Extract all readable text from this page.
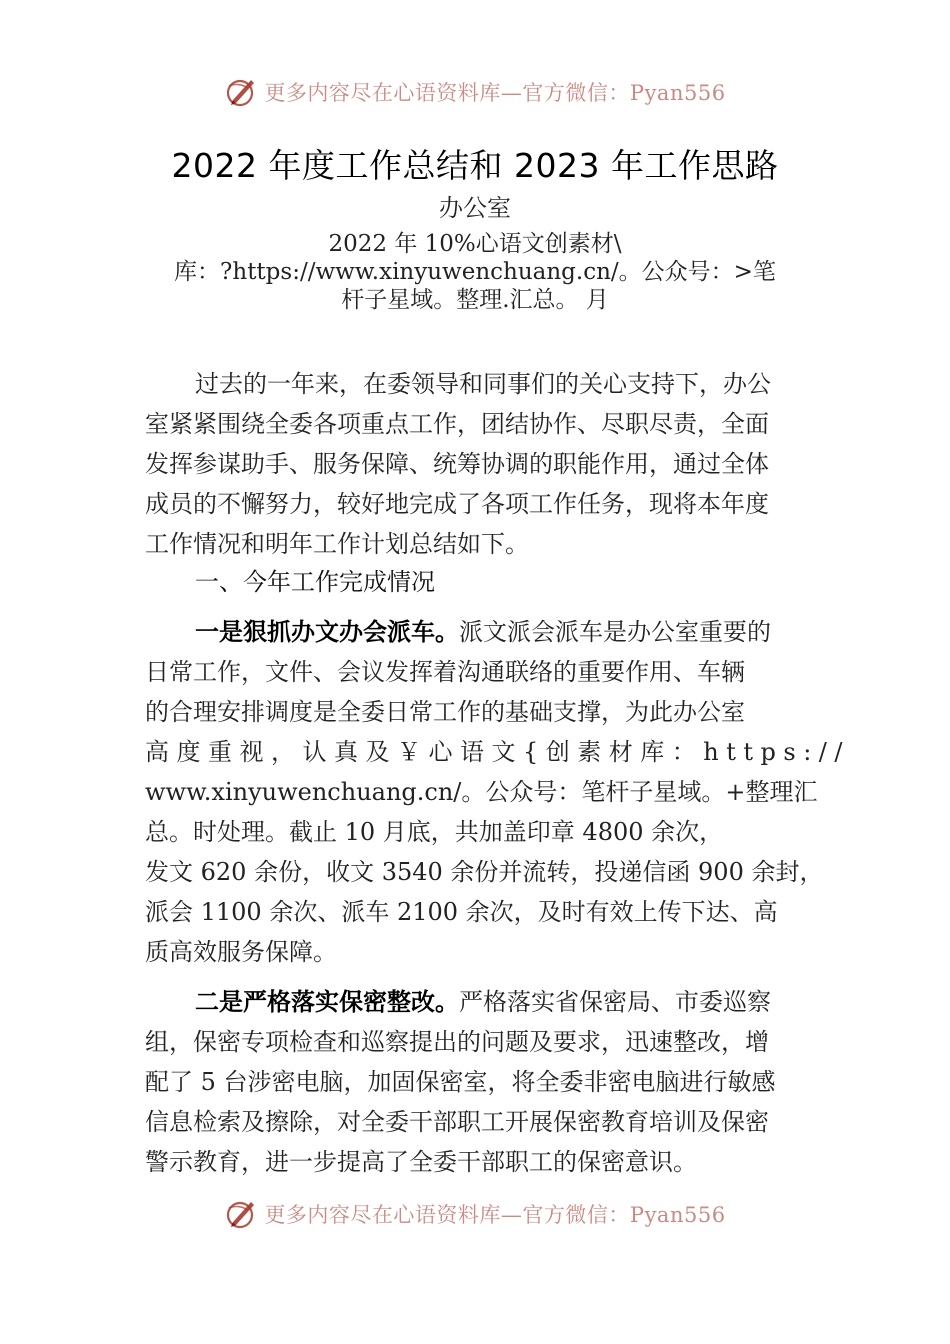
更多内容尽在心语资料库—官方微信：Pyan556
2022 年度工作总结和 2023 年工作思路
办公室
2022 年 10%心语文创素材\
库：?https://www.xinyuwenchuang.cn/。公众号：>笔
杆子星域。整理.汇总。 月
过去的一年来，在委领导和同事们的关心支持下，办公
室紧紧围绕全委各项重点工作，团结协作、尽职尽责，全面
发挥参谋助手、服务保障、统筹协调的职能作用，通过全体
成员的不懈努力，较好地完成了各项工作任务，现将本年度
工作情况和明年工作计划总结如下。
一、今年工作完成情况
一是狠抓办文办会派车。派文派会派车是办公室重要的
日常工作，文件、会议发挥着沟通联络的重要作用、车辆
的合理安排调度是全委日常工作的基础支撑，为此办公室
高度重视，认真及￥心语文{创素材库：https://
www.xinyuwenchuang.cn/。公众号：笔杆子星域。+整理汇
总。时处理。截止 10 月底，共加盖印章 4800 余次，
发文 620 余份，收文 3540 余份并流转，投递信函 900 余封，
派会 1100 余次、派车 2100 余次，及时有效上传下达、高
质高效服务保障。
二是严格落实保密整改。严格落实省保密局、市委巡察
组，保密专项检查和巡察提出的问题及要求，迅速整改，增
配了 5 台涉密电脑，加固保密室，将全委非密电脑进行敏感
信息检索及擦除，对全委干部职工开展保密教育培训及保密
警示教育，进一步提高了全委干部职工的保密意识。
更多内容尽在心语资料库—官方微信：Pyan556
